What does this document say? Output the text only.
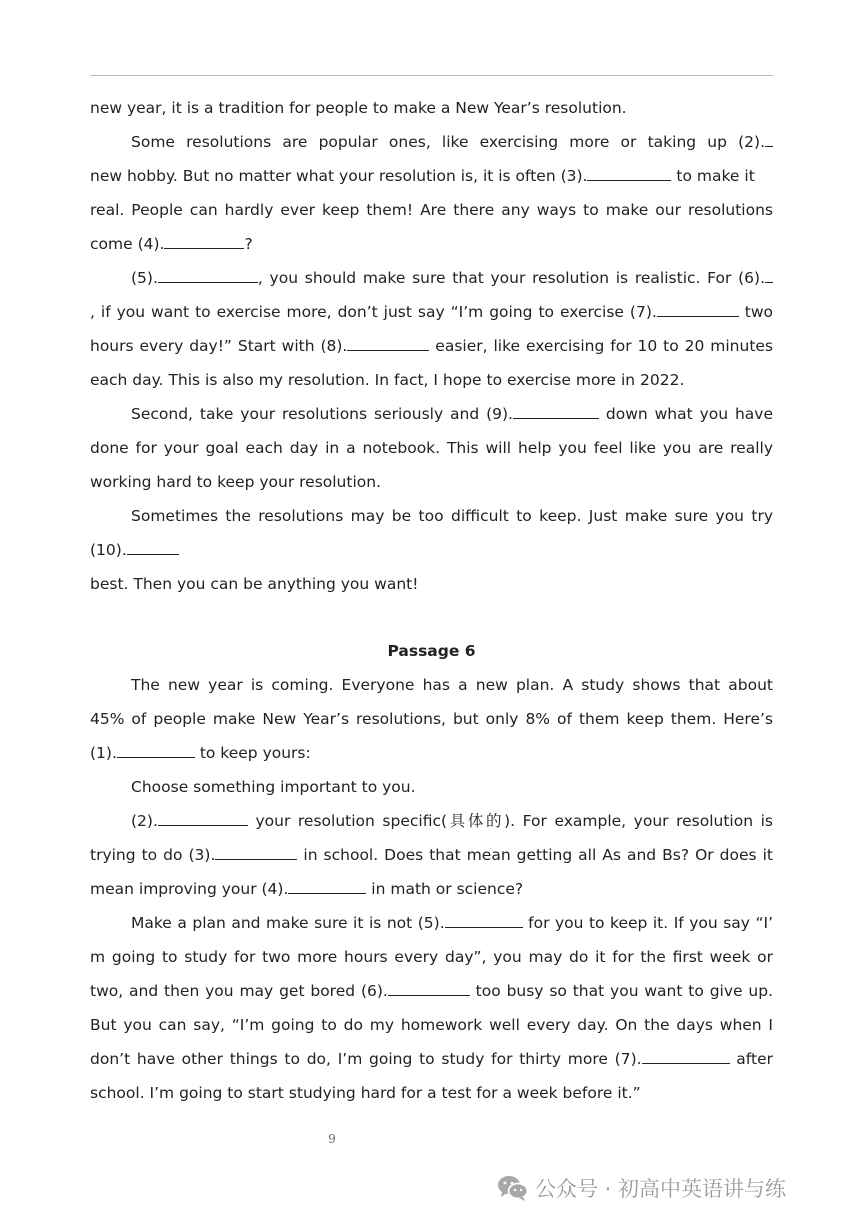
new year, it is a tradition for people to make a New Year’s resolution.
Some resolutions are popular ones, like exercising more or taking up (2).
new hobby. But no matter what your resolution is, it is often (3).	to make it
real. People can hardly ever keep them! Are there any ways to make our resolutions
come (4).	?
(5).	, you should make sure that your resolution is realistic. For (6).
, if you want to exercise more, don’t just say “I’m going to exercise (7).	two
hours every day!” Start with (8).	easier, like exercising for 10 to 20 minutes
each day. This is also my resolution. In fact, I hope to exercise more in 2022.
Second, take your resolutions seriously and (9).	down what you have
done for your goal each day in a notebook. This will help you feel like you are really
working hard to keep your resolution.
Sometimes the resolutions may be too difficult to keep. Just make sure you try
(10).
best. Then you can be anything you want!
Passage 6
The new year is coming. Everyone has a new plan. A study shows that about
45% of people make New Year’s resolutions, but only 8% of them keep them. Here’s
(1).	to keep yours:
Choose something important to you.
(2).	your resolution specific(具体的). For example, your resolution is
trying to do (3).	in school. Does that mean getting all As and Bs? Or does it
mean improving your (4).	in math or science?
Make a plan and make sure it is not (5).	for you to keep it. If you say “I’
m going to study for two more hours every day”, you may do it for the first week or
two, and then you may get bored (6).	too busy so that you want to give up.
But you can say, “I’m going to do my homework well every day. On the days when I
don’t have other things to do, I’m going to study for thirty more (7).	after
school. I’m going to start studying hard for a test for a week before it.”
9
公众号 · 初高中英语讲与练
